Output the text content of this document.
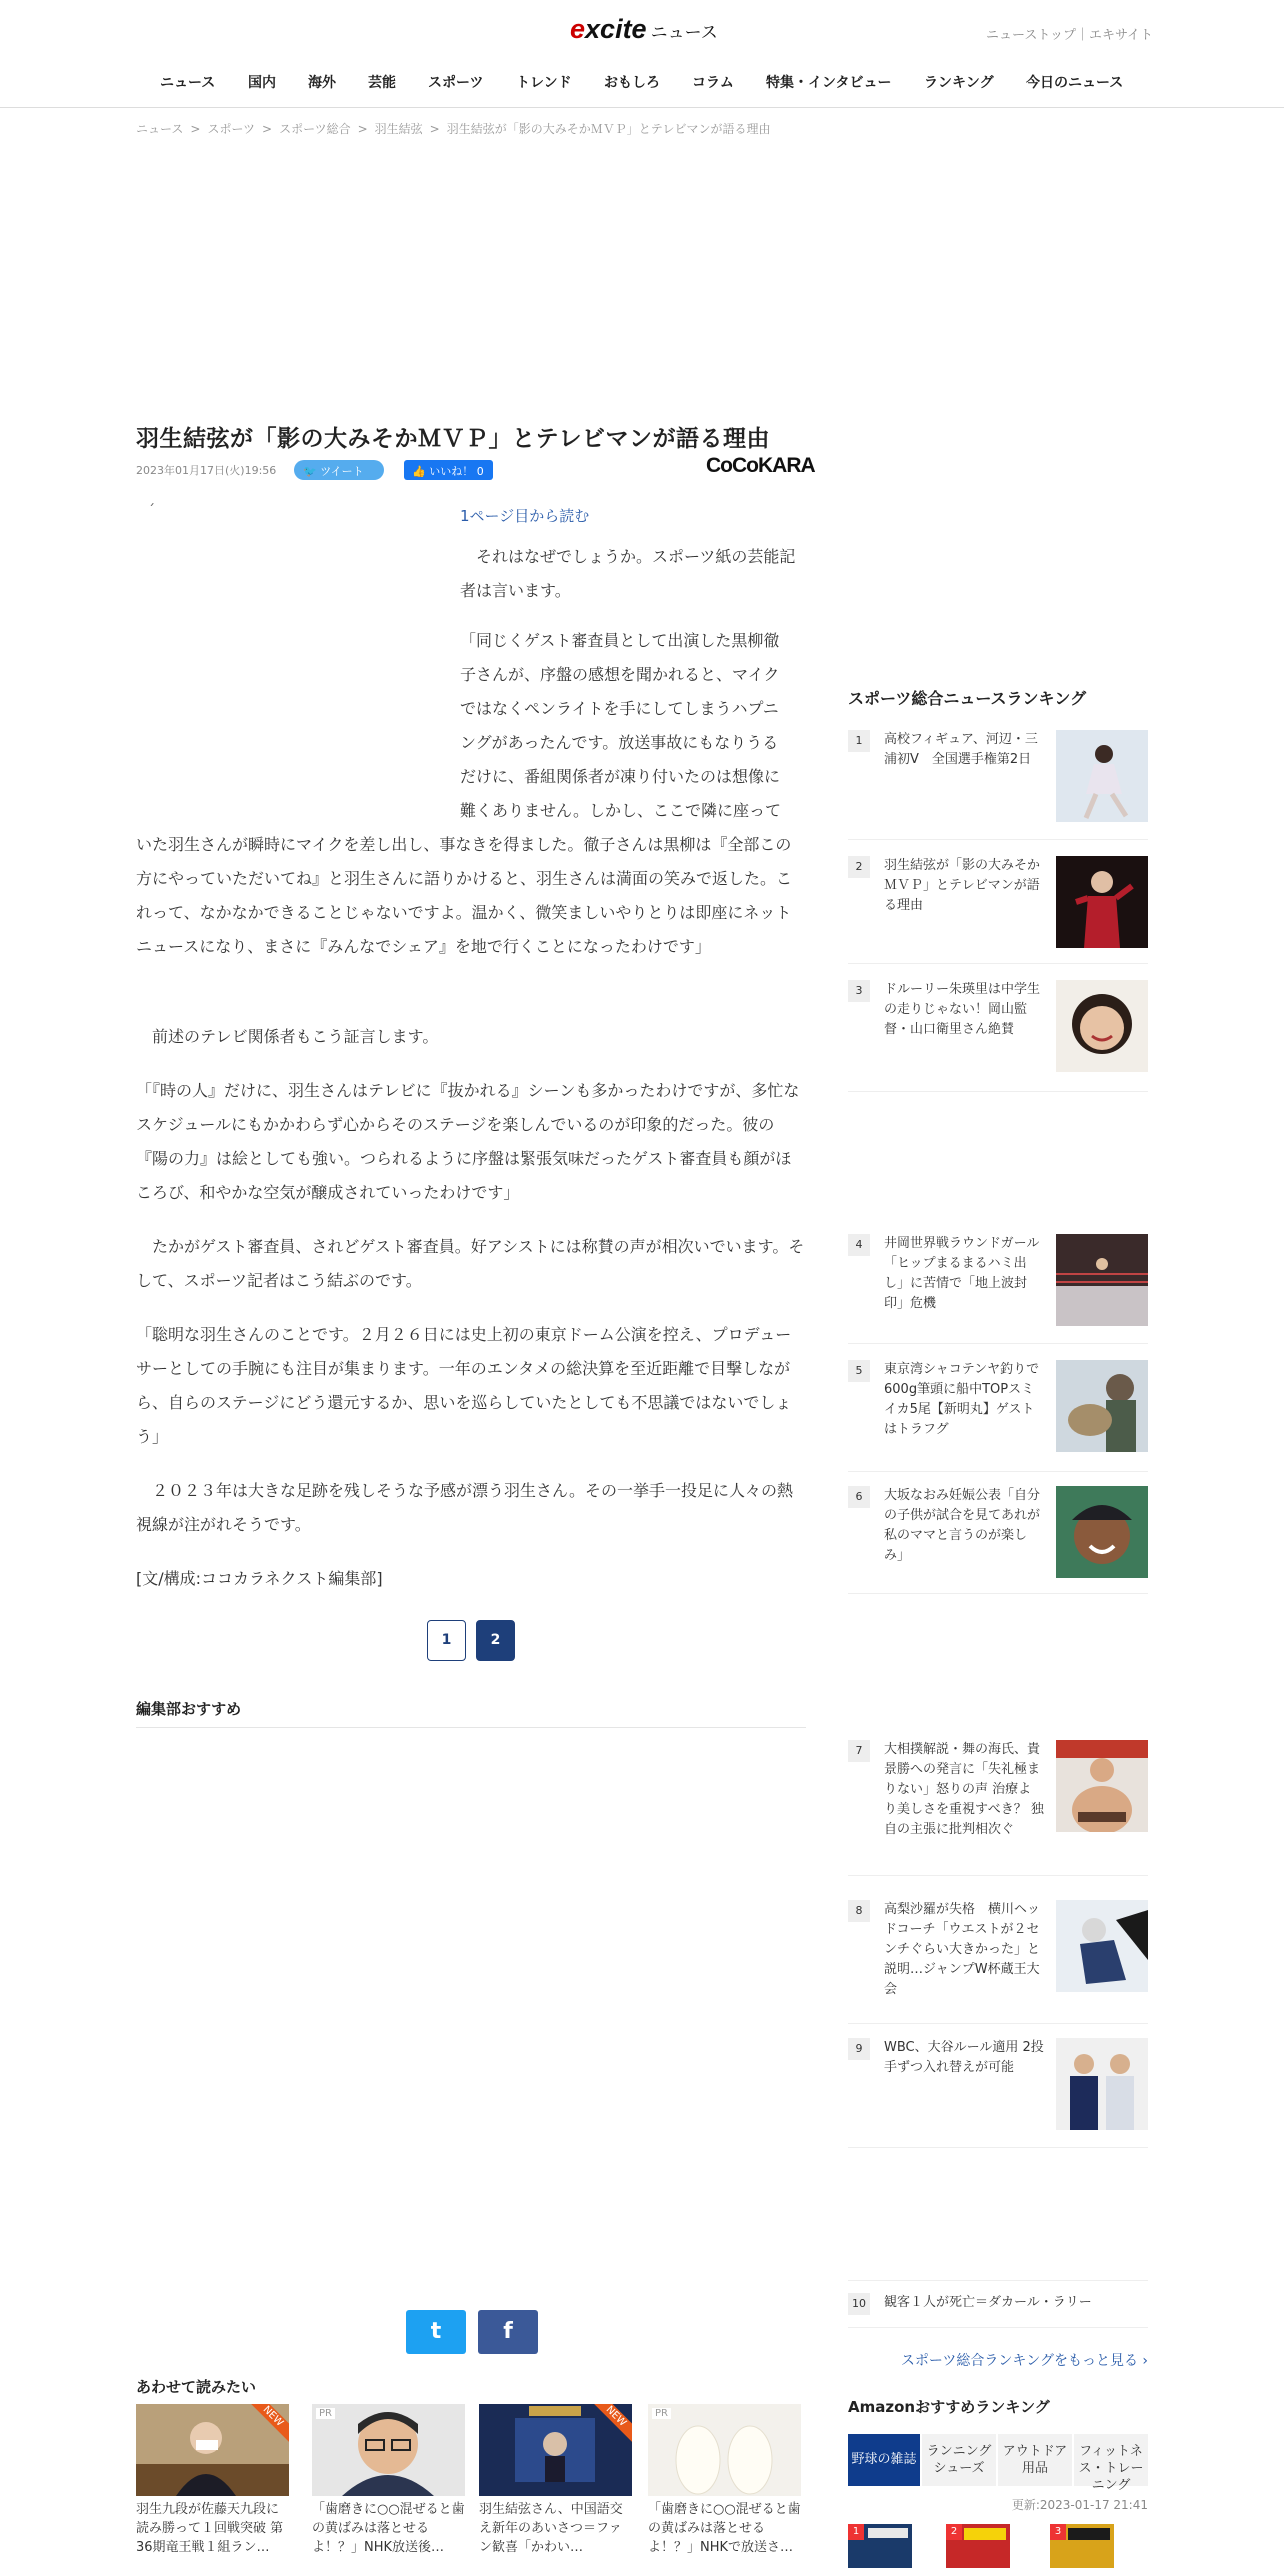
excite ニュース	ニューストップ｜エキサイト
ニュース 国内 海外 芸能 スポーツ トレンド おもしろ コラム 特集・インタビュー ランキング 今日のニュース
ニュース > スポーツ > スポーツ総合 > 羽生結弦 > 羽生結弦が「影の大みそかＭＶＰ」とテレビマンが語る理由
羽生結弦が「影の大みそかＭＶＰ」とテレビマンが語る理由
2023年01月17日(火)19:56	🐦 ツイート	👍 いいね！ 0	CoCoKARA
´	1ページ目から読む

それはなぜでしょうか。スポーツ紙の芸能記者は言います。

「同じくゲスト審査員として出演した黒柳徹
子さんが、序盤の感想を聞かれると、マイク
ではなくペンライトを手にしてしまうハプニ
ングがあったんです。放送事故にもなりうる
だけに、番組関係者が凍り付いたのは想像に
難くありません。しかし、ここで隣に座って

いた羽生さんが瞬時にマイクを差し出し、事なきを得ました。徹子さんは黒柳は『全部この方にやっていただいてね』と羽生さんに語りかけると、羽生さんは満面の笑みで返した。これって、なかなかできることじゃないですよ。温かく、微笑ましいやりとりは即座にネットニュースになり、まさに『みんなでシェア』を地で行くことになったわけです」

前述のテレビ関係者もこう証言します。

「『時の人』だけに、羽生さんはテレビに『抜かれる』シーンも多かったわけですが、多忙なスケジュールにもかかわらず心からそのステージを楽しんでいるのが印象的だった。彼の『陽の力』は絵としても強い。つられるように序盤は緊張気味だったゲスト審査員も顔がほころび、和やかな空気が醸成されていったわけです」

たかがゲスト審査員、されどゲスト審査員。好アシストには称賛の声が相次いでいます。そして、スポーツ記者はこう結ぶのです。

「聡明な羽生さんのことです。２月２６日には史上初の東京ドーム公演を控え、プロデューサーとしての手腕にも注目が集まります。一年のエンタメの総決算を至近距離で目撃しながら、自らのステージにどう還元するか、思いを巡らしていたとしても不思議ではないでしょう」

２０２３年は大きな足跡を残しそうな予感が漂う羽生さん。その一挙手一投足に人々の熱視線が注がれそうです。

[文/構成:ココカラネクスト編集部]

1	2
編集部おすすめ
t	f
あわせて読みたい
NEW
羽生九段が佐藤天九段に読み勝って１回戦突破 第36期竜王戦１組ラン…
PR
「歯磨きに○○混ぜると歯の黄ばみは落とせるよ！？」NHK放送後…
NEW
羽生結弦さん、中国語交え新年のあいさつ＝ファン歓喜「かわい…
PR
「歯磨きに○○混ぜると歯の黄ばみは落とせるよ！？」NHKで放送さ…
スポーツ総合ニュースランキング
1	高校フィギュア、河辺・三浦初V　全国選手権第2日
2	羽生結弦が「影の大みそかＭＶＰ」とテレビマンが語る理由
3	ドルーリー朱瑛里は中学生の走りじゃない！岡山監督・山口衛里さん絶賛
4	井岡世界戦ラウンドガール「ヒップまるまるハミ出し」に苦情で「地上波封印」危機
5	東京湾シャコテンヤ釣りで600g筆頭に船中TOPスミイカ5尾【新明丸】ゲストはトラフグ
6	大坂なおみ妊娠公表「自分の子供が試合を見てあれが私のママと言うのが楽しみ」
7	大相撲解説・舞の海氏、貴景勝への発言に「失礼極まりない」怒りの声 治療より美しさを重視すべき？ 独自の主張に批判相次ぐ
8	高梨沙羅が失格　横川ヘッドコーチ「ウエストが２センチぐらい大きかった」と説明…ジャンプW杯蔵王大会
9	WBC、大谷ルール適用 2投手ずつ入れ替えが可能
10	観客１人が死亡＝ダカール・ラリー
スポーツ総合ランキングをもっと見る ›
Amazonおすすめランキング
野球の雑誌
ランニングシューズ
アウトドア用品
フィットネス・トレーニング
更新:2023-01-17 21:41
1	2	3
